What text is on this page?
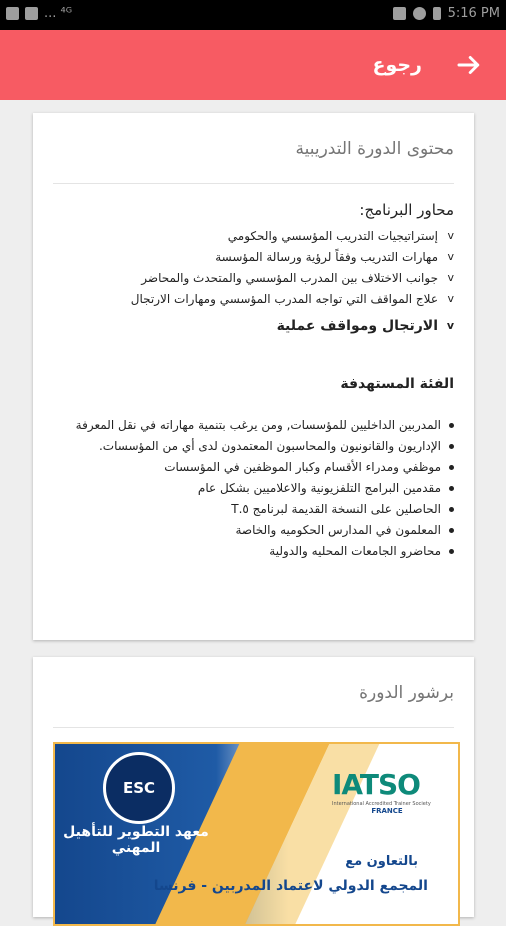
... ⁴ᴳ	5:16 PM
رجوع
محتوى الدورة التدريبية
محاور البرنامج:
v
إستراتيجيات التدريب المؤسسي والحكومي
v
مهارات التدريب وفقاً لرؤية ورسالة المؤسسة
v
جوانب الاختلاف بين المدرب المؤسسي والمتحدث والمحاضر
v
علاج المواقف التي تواجه المدرب المؤسسي ومهارات الارتجال
v
الارتجال ومواقف عملية
الفئة المستهدفة
المدربين الداخليين للمؤسسات, ومن يرغب بتنمية مهاراته في نقل المعرفة
الإداريون والقانونيون والمحاسبون المعتمدون لدى أي من المؤسسات.
موظفي ومدراء الأقسام وكبار الموظفين في المؤسسات
مقدمين البرامج التلفزيونية والاعلاميين بشكل عام
الحاصلين على النسخة القديمة لبرنامج ٥.T
المعلمون في المدارس الحكوميه والخاصة
محاضرو الجامعات المحليه والدولية
برشور الدورة
ESC
معهد التطوير للتأهيل المهني
IATSO
International Accredited Trainer Society
FRANCE
بالتعاون مع
المجمع الدولي لاعتماد المدربين - فرنسا
